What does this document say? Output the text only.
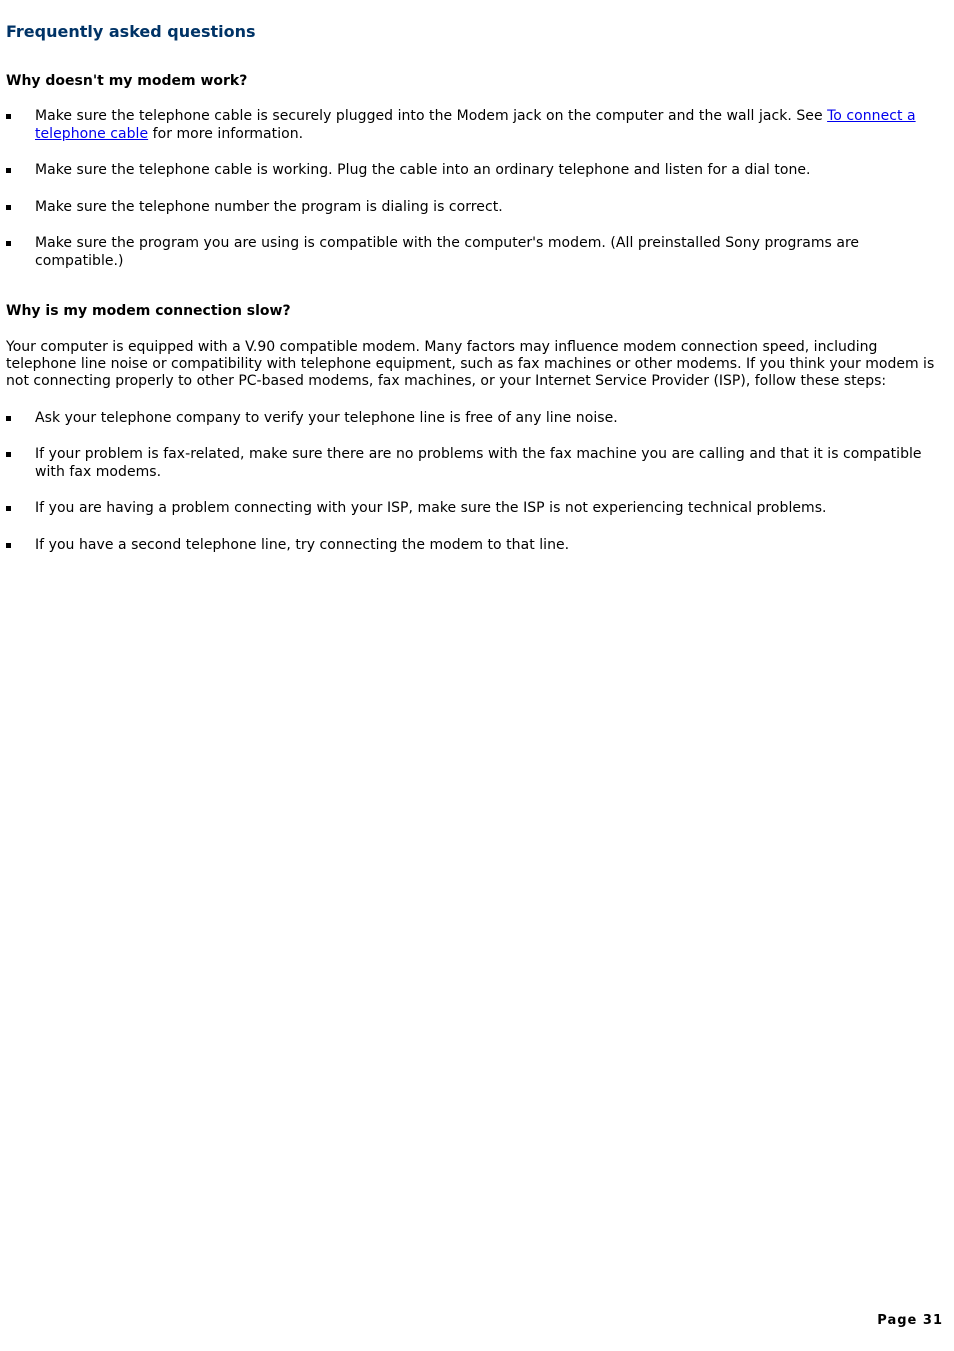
Frequently asked questions
Why doesn't my modem work?
Make sure the telephone cable is securely plugged into the Modem jack on the computer and the wall jack. See To connect a telephone cable for more information.
Make sure the telephone cable is working. Plug the cable into an ordinary telephone and listen for a dial tone.
Make sure the telephone number the program is dialing is correct.
Make sure the program you are using is compatible with the computer's modem. (All preinstalled Sony programs are compatible.)
Why is my modem connection slow?

Your computer is equipped with a V.90 compatible modem. Many factors may influence modem connection speed, including telephone line noise or compatibility with telephone equipment, such as fax machines or other modems. If you think your modem is not connecting properly to other PC-based modems, fax machines, or your Internet Service Provider (ISP), follow these steps:

Ask your telephone company to verify your telephone line is free of any line noise.
If your problem is fax-related, make sure there are no problems with the fax machine you are calling and that it is compatible with fax modems.
If you are having a problem connecting with your ISP, make sure the ISP is not experiencing technical problems.
If you have a second telephone line, try connecting the modem to that line.
Page 31
